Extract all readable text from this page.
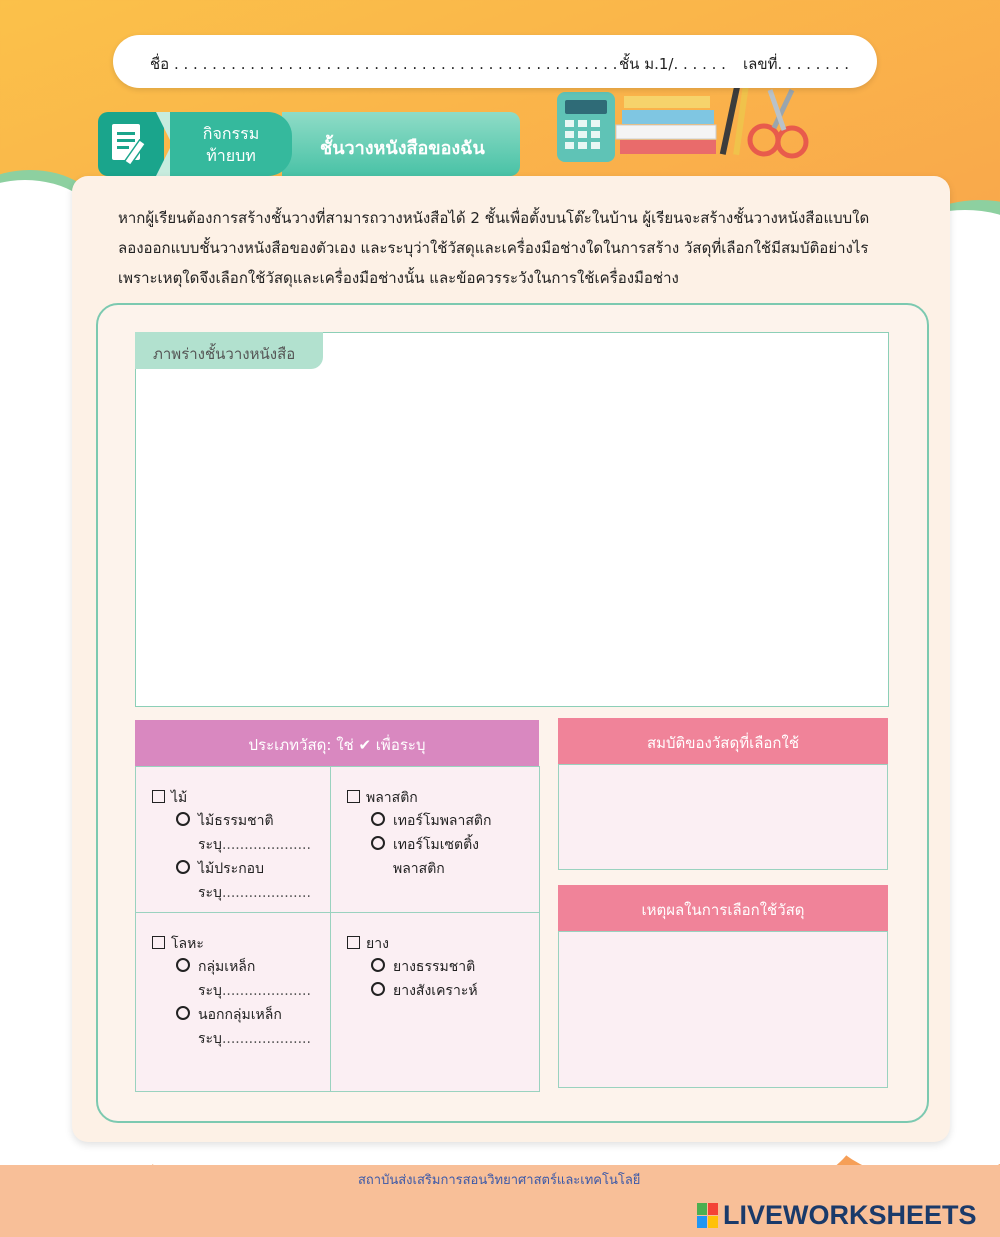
ชื่อ . . . . . . . . . . . . . . . . . . . . . . . . . . . . . . . . . . . . . . . . . . . . . . . ชั้น ม.1/. . . . . . เลขที่. . . . . . . .
ชั้นวางหนังสือของฉัน
กิจกรรม
ท้ายบท
หากผู้เรียนต้องการสร้างชั้นวางที่สามารถวางหนังสือได้ 2 ชั้นเพื่อตั้งบนโต๊ะในบ้าน ผู้เรียนจะสร้างชั้นวางหนังสือแบบใด
ลองออกแบบชั้นวางหนังสือของตัวเอง และระบุว่าใช้วัสดุและเครื่องมือช่างใดในการสร้าง วัสดุที่เลือกใช้มีสมบัติอย่างไร
เพราะเหตุใดจึงเลือกใช้วัสดุและเครื่องมือช่างนั้น และข้อควรระวังในการใช้เครื่องมือช่าง
ภาพร่างชั้นวางหนังสือ
ประเภทวัสดุ: ใช่ ✔ เพื่อระบุ
ไม้
ไม้ธรรมชาติ
ระบุ....................
ไม้ประกอบ
ระบุ....................
พลาสติก
เทอร์โมพลาสติก
เทอร์โมเซตติ้ง
พลาสติก
โลหะ
กลุ่มเหล็ก
ระบุ....................
นอกกลุ่มเหล็ก
ระบุ....................
ยาง
ยางธรรมชาติ
ยางสังเคราะห์
สมบัติของวัสดุที่เลือกใช้
เหตุผลในการเลือกใช้วัสดุ
สถาบันส่งเสริมการสอนวิทยาศาสตร์และเทคโนโลยี
LIVEWORKSHEETS
